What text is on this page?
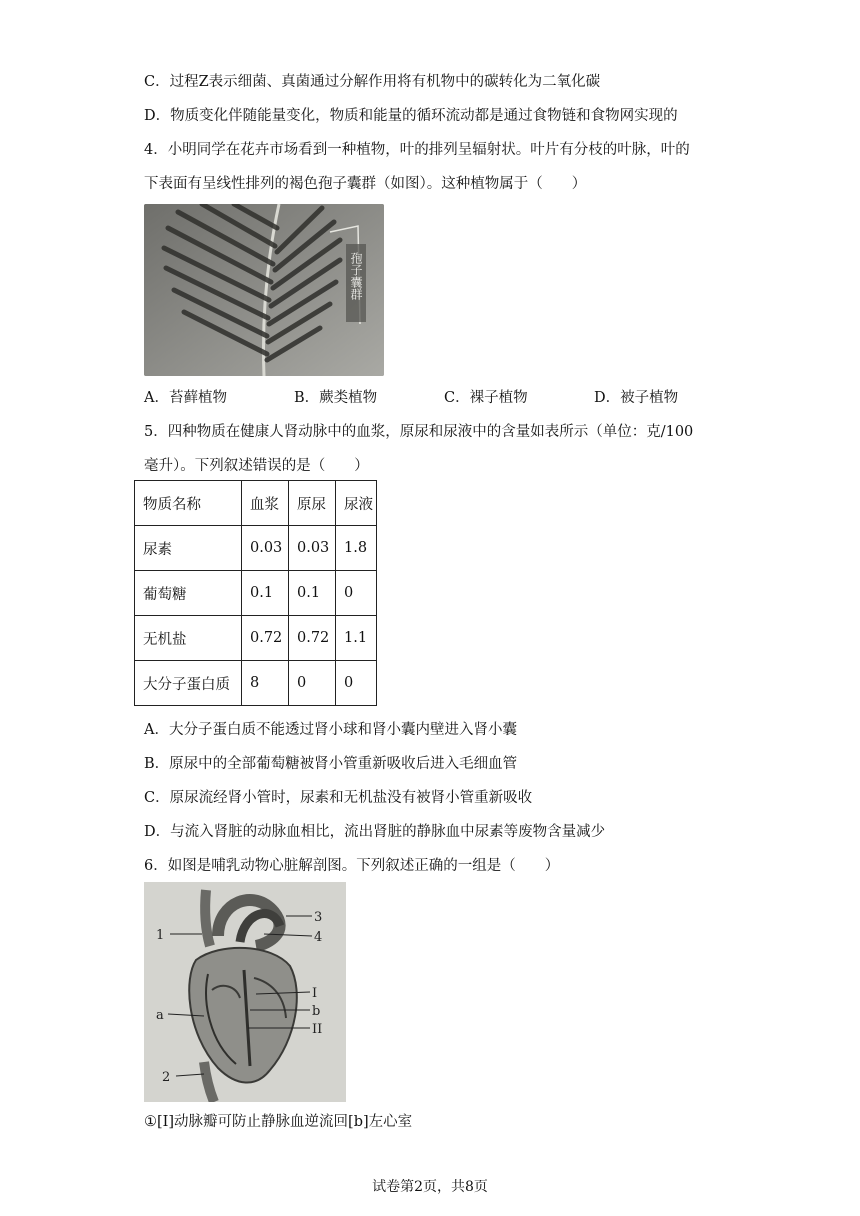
C．过程Z表示细菌、真菌通过分解作用将有机物中的碳转化为二氧化碳
D．物质变化伴随能量变化，物质和能量的循环流动都是通过食物链和食物网实现的
4．小明同学在花卉市场看到一种植物，叶的排列呈辐射状。叶片有分枝的叶脉，叶的
下表面有呈线性排列的褐色孢子囊群（如图）。这种植物属于（　　）
孢子囊群
A．苔藓植物	B．蕨类植物	C．裸子植物	D．被子植物
5．四种物质在健康人肾动脉中的血浆，原尿和尿液中的含量如表所示（单位：克/100
毫升）。下列叙述错误的是（　　）
物质名称	血浆	原尿	尿液
尿素	0.03	0.03	1.8
葡萄糖	0.1	0.1	0
无机盐	0.72	0.72	1.1
大分子蛋白质	8	0	0
A．大分子蛋白质不能透过肾小球和肾小囊内壁进入肾小囊
B．原尿中的全部葡萄糖被肾小管重新吸收后进入毛细血管
C．原尿流经肾小管时，尿素和无机盐没有被肾小管重新吸收
D．与流入肾脏的动脉血相比，流出肾脏的静脉血中尿素等废物含量减少
6．如图是哺乳动物心脏解剖图。下列叙述正确的一组是（　　）
3
4
1
I
b
II
a
2
①[I]动脉瓣可防止静脉血逆流回[b]左心室
试卷第2页，共8页
